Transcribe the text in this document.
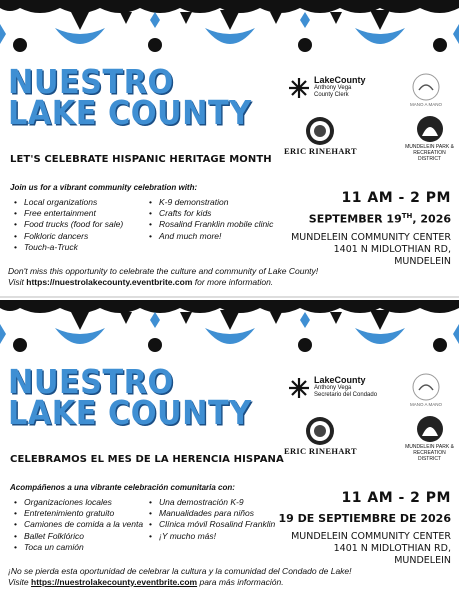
NUESTRO
LAKE COUNTY
LET'S CELEBRATE HISPANIC HERITAGE MONTH
Join us for a vibrant community celebration with:
• Local organizations
• Free entertainment
• Food trucks (food for sale)
• Folkloric dancers
• Touch-a-Truck
• K-9 demonstration
• Crafts for kids
• Rosalind Franklin mobile clinic
• And much more!
LakeCounty
Anthony Vega
County Clerk
MANO A MANO
ERIC RINEHART	MUNDELEIN PARK &
RECREATION DISTRICT
11 AM - 2 PM
SEPTEMBER 19TH, 2026
MUNDELEIN COMMUNITY CENTER
1401 N MIDLOTHIAN RD,
MUNDELEIN
Don't miss this opportunity to celebrate the culture and community of Lake County!
Visit https://nuestrolakecounty.eventbrite.com for more information.
NUESTRO
LAKE COUNTY
CELEBRAMOS EL MES DE LA HERENCIA HISPANA
Acompáñenos a una vibrante celebración comunitaria con:
• Organizaciones locales
• Entretenimiento gratuito
• Camiones de comida a la venta
• Ballet Folklórico
• Toca un camión
• Una demostración K-9
• Manualidades para niños
• Clínica móvil Rosalind Franklin
• ¡Y mucho más!
LakeCounty
Anthony Vega
Secretario del Condado
MANO A MANO
ERIC RINEHART	MUNDELEIN PARK &
RECREATION DISTRICT
11 AM - 2 PM
19 DE SEPTIEMBRE DE 2026
MUNDELEIN COMMUNITY CENTER
1401 N MIDLOTHIAN RD,
MUNDELEIN
¡No se pierda esta oportunidad de celebrar la cultura y la comunidad del Condado de Lake!
Visite https://nuestrolakecounty.eventbrite.com para más información.
